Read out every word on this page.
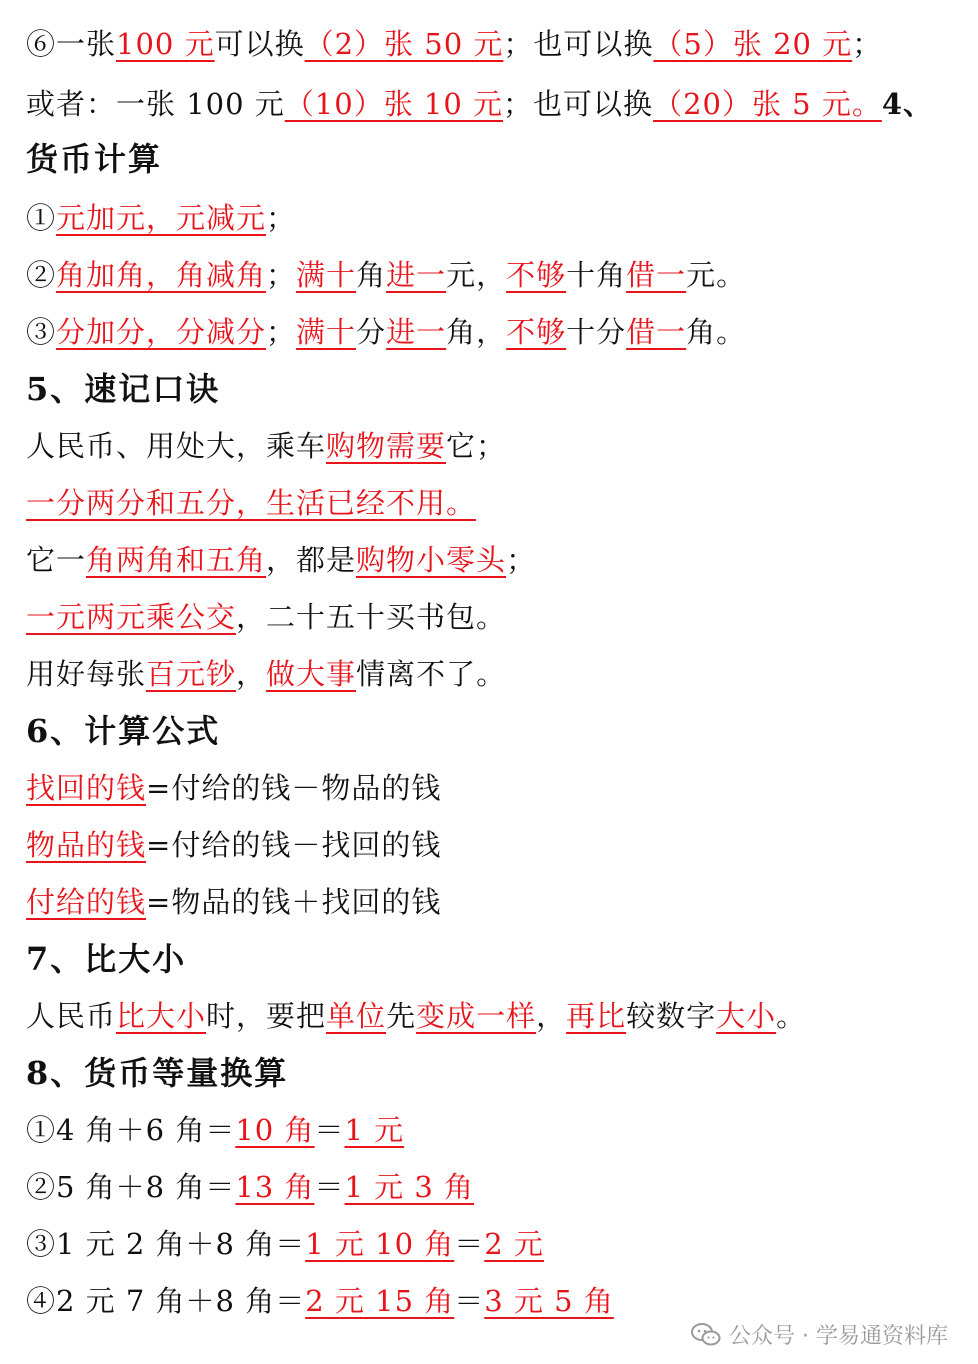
⑥一张100 元可以换（2）张 50 元；也可以换（5）张 20 元；
或者：一张 100 元（10）张 10 元；也可以换（20）张 5 元。4、
货币计算
①元加元，元减元；
②角加角，角减角；满十角进一元，不够十角借一元。
③分加分，分减分；满十分进一角，不够十分借一角。
5、速记口诀
人民币、用处大，乘车购物需要它；
一分两分和五分，生活已经不用。
它一角两角和五角，都是购物小零头；
一元两元乘公交，二十五十买书包。
用好每张百元钞，做大事情离不了。
6、计算公式
找回的钱=付给的钱－物品的钱
物品的钱=付给的钱－找回的钱
付给的钱=物品的钱＋找回的钱
7、比大小
人民币比大小时，要把单位先变成一样，再比较数字大小。
8、货币等量换算
①4 角＋6 角＝10 角＝1 元
②5 角＋8 角＝13 角＝1 元 3 角
③1 元 2 角＋8 角＝1 元 10 角＝2 元
④2 元 7 角＋8 角＝2 元 15 角＝3 元 5 角
公众号 · 学易通资料库
